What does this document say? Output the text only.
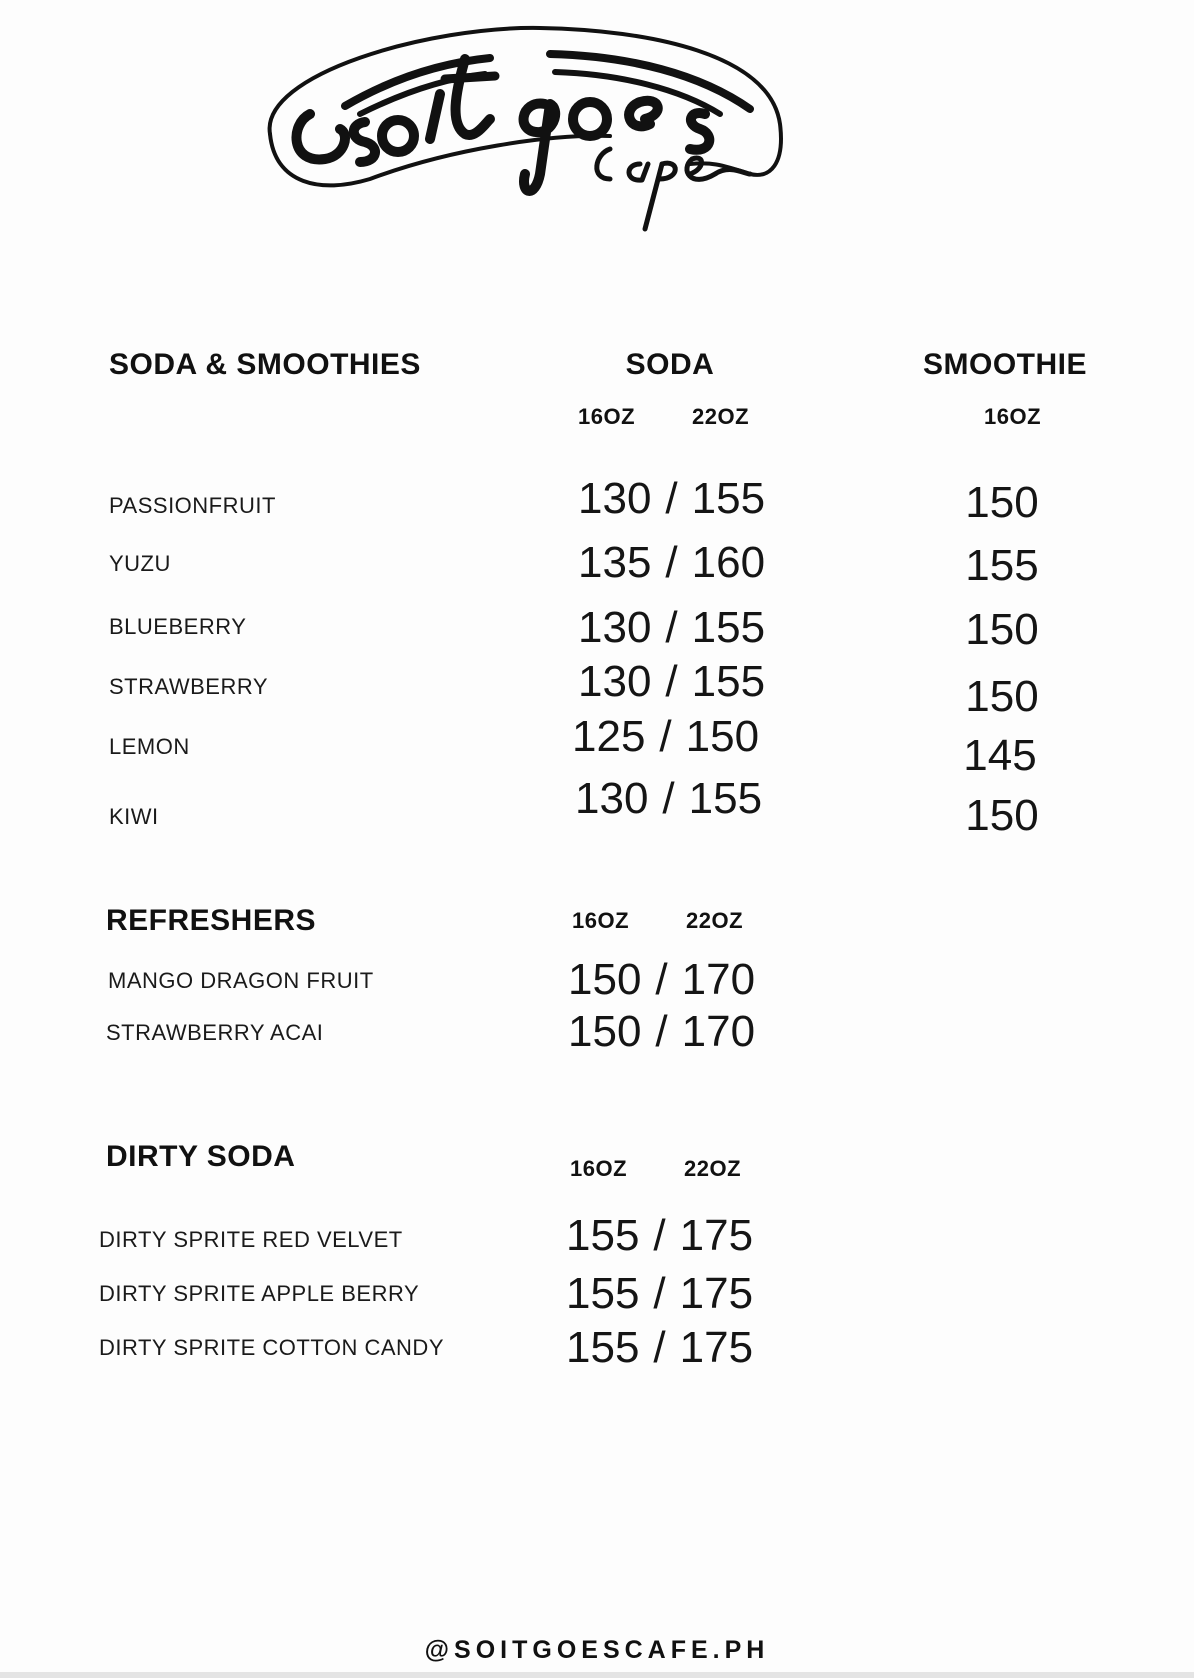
SODA & SMOOTHIES	SODA	SMOOTHIE
16OZ	22OZ	16OZ
PASSIONFRUIT	130 / 155	150
YUZU	135 / 160	155
BLUEBERRY	130 / 155	150
STRAWBERRY	130 / 155	150
LEMON	125 / 150	145
KIWI	130 / 155	150
REFRESHERS	16OZ	22OZ
MANGO DRAGON FRUIT	150 / 170
STRAWBERRY ACAI	150 / 170
DIRTY SODA	16OZ	22OZ
DIRTY SPRITE RED VELVET	155 / 175
DIRTY SPRITE APPLE BERRY	155 / 175
DIRTY SPRITE COTTON CANDY	155 / 175
@SOITGOESCAFE.PH
